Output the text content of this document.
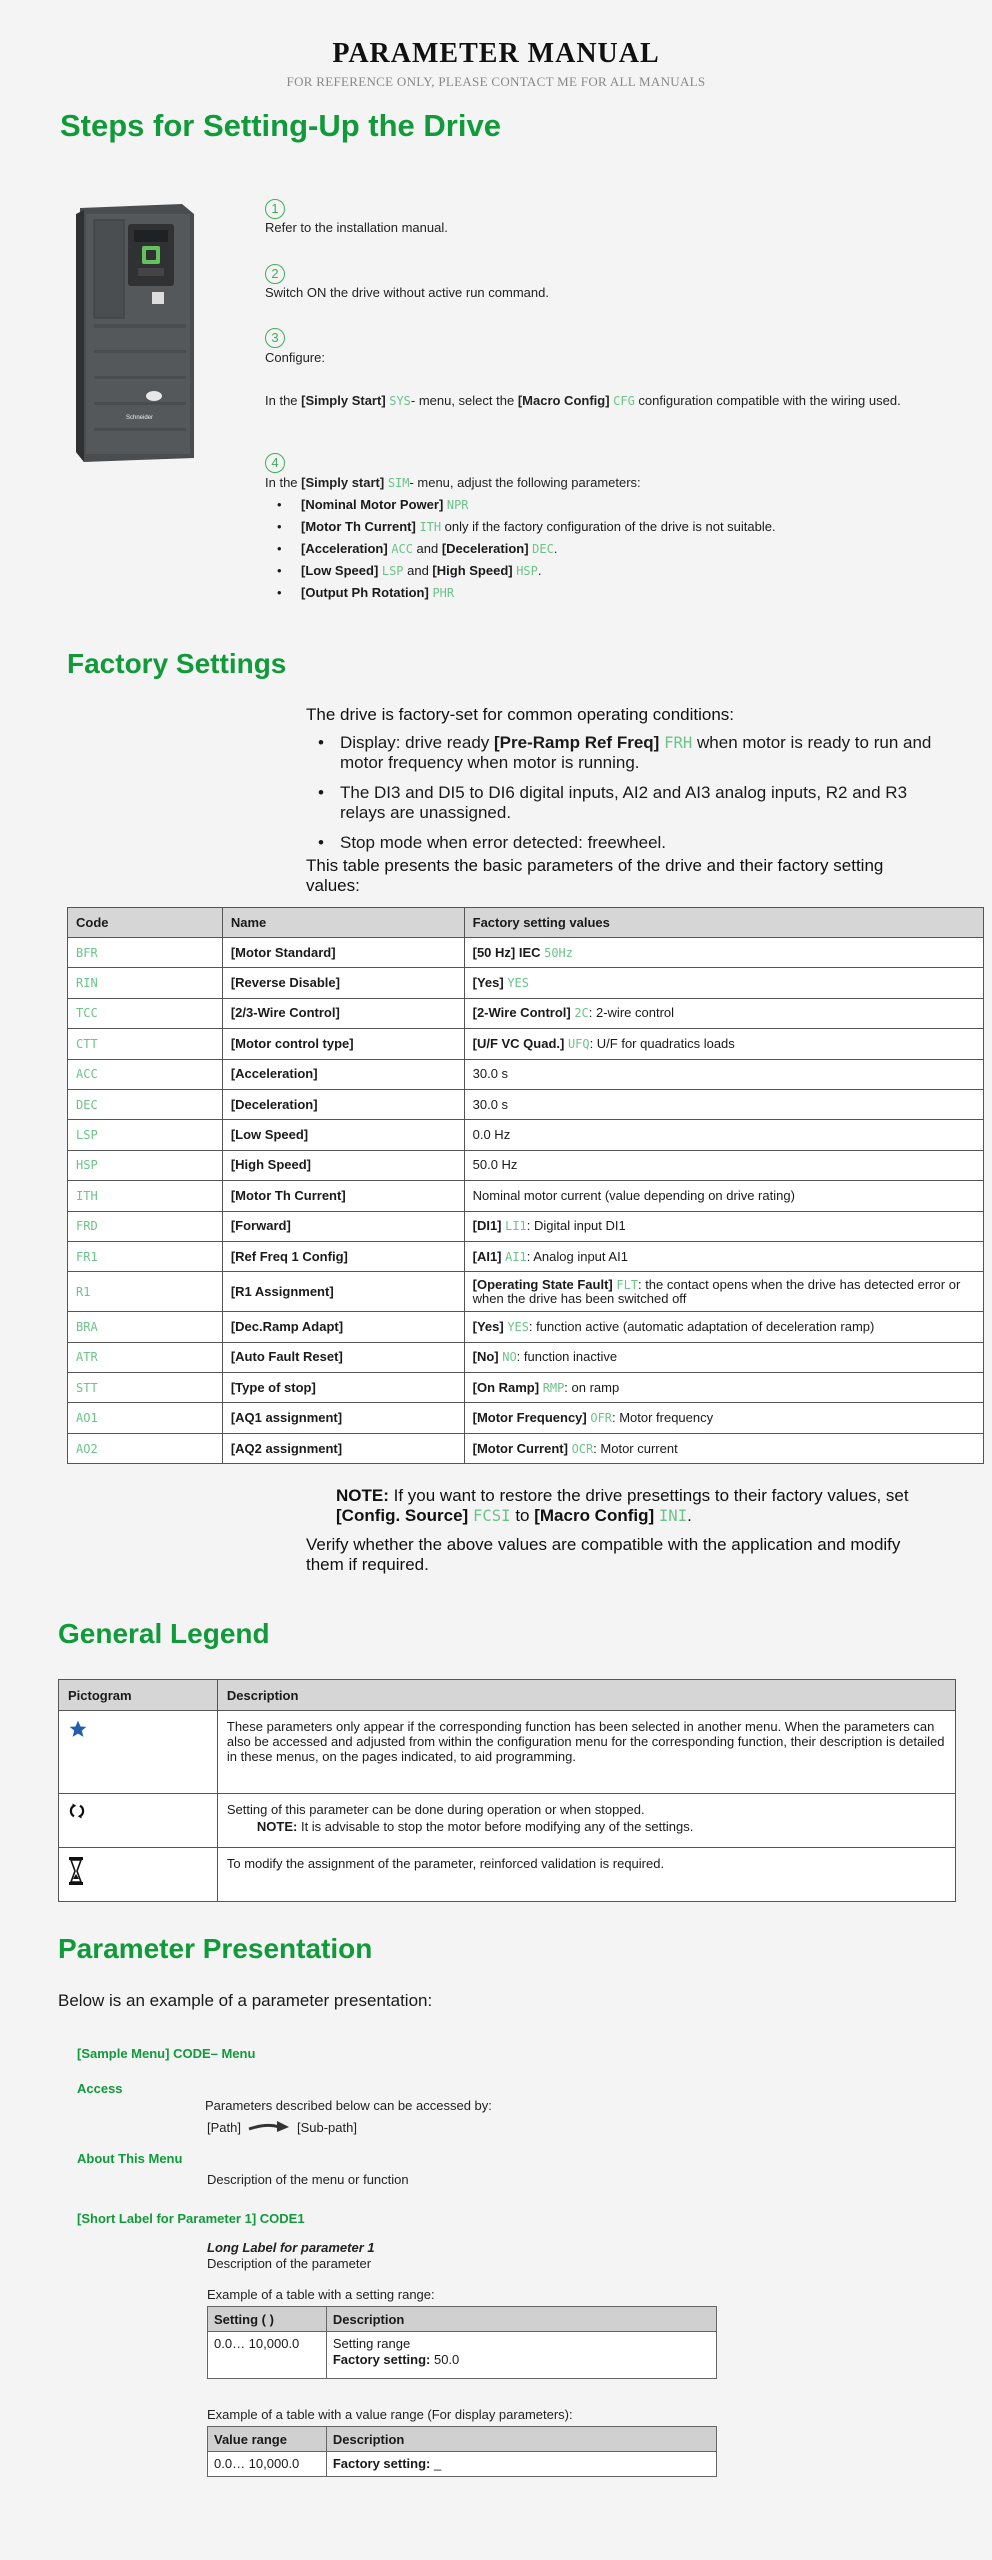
PARAMETER MANUAL
FOR REFERENCE ONLY, PLEASE CONTACT ME FOR ALL MANUALS
Steps for Setting-Up the Drive
Schneider
1
Refer to the installation manual.
2
Switch ON the drive without active run command.
3
Configure:
In the [Simply Start] SYS- menu, select the [Macro Config] CFG configuration compatible with the wiring used.
4
In the [Simply start] SIM- menu, adjust the following parameters:
• [Nominal Motor Power] NPR
• [Motor Th Current] ITH only if the factory configuration of the drive is not suitable.
• [Acceleration] ACC and [Deceleration] DEC.
• [Low Speed] LSP and [High Speed] HSP.
• [Output Ph Rotation] PHR
Factory Settings
The drive is factory-set for common operating conditions:
• Display: drive ready [Pre-Ramp Ref Freq] FRH when motor is ready to run and motor frequency when motor is running.
• The DI3 and DI5 to DI6 digital inputs, AI2 and AI3 analog inputs, R2 and R3 relays are unassigned.
• Stop mode when error detected: freewheel.
This table presents the basic parameters of the drive and their factory setting values:
Code	Name	Factory setting values
BFR	[Motor Standard]	[50 Hz] IEC 50Hz
RIN	[Reverse Disable]	[Yes] YES
TCC	[2/3-Wire Control]	[2-Wire Control] 2C: 2-wire control
CTT	[Motor control type]	[U/F VC Quad.] UFQ: U/F for quadratics loads
ACC	[Acceleration]	30.0 s
DEC	[Deceleration]	30.0 s
LSP	[Low Speed]	0.0 Hz
HSP	[High Speed]	50.0 Hz
ITH	[Motor Th Current]	Nominal motor current (value depending on drive rating)
FRD	[Forward]	[DI1] LI1: Digital input DI1
FR1	[Ref Freq 1 Config]	[AI1] AI1: Analog input AI1
R1	[R1 Assignment]	[Operating State Fault] FLT: the contact opens when the drive has detected error or when the drive has been switched off
BRA	[Dec.Ramp Adapt]	[Yes] YES: function active (automatic adaptation of deceleration ramp)
ATR	[Auto Fault Reset]	[No] NO: function inactive
STT	[Type of stop]	[On Ramp] RMP: on ramp
AO1	[AQ1 assignment]	[Motor Frequency] OFR: Motor frequency
AO2	[AQ2 assignment]	[Motor Current] OCR: Motor current
NOTE: If you want to restore the drive presettings to their factory values, set [Config. Source] FCSI to [Macro Config] INI.
Verify whether the above values are compatible with the application and modify them if required.
General Legend
Pictogram	Description
	These parameters only appear if the corresponding function has been selected in another menu. When the parameters can also be accessed and adjusted from within the configuration menu for the corresponding function, their description is detailed in these menus, on the pages indicated, to aid programming.

Setting of this parameter can be done during operation or when stopped.
NOTE: It is advisable to stop the motor before modifying any of the settings.

	To modify the assignment of the parameter, reinforced validation is required.
Parameter Presentation
Below is an example of a parameter presentation:
[Sample Menu] CODE– Menu
Access
Parameters described below can be accessed by:
[Path]	[Sub-path]
About This Menu
Description of the menu or function
[Short Label for Parameter 1] CODE1
Long Label for parameter 1
Description of the parameter
Example of a table with a setting range:
Setting ( )	Description
0.0… 10,000.0	Setting range
Factory setting: 50.0
Example of a table with a value range (For display parameters):
Value range	Description
0.0… 10,000.0	Factory setting: _
